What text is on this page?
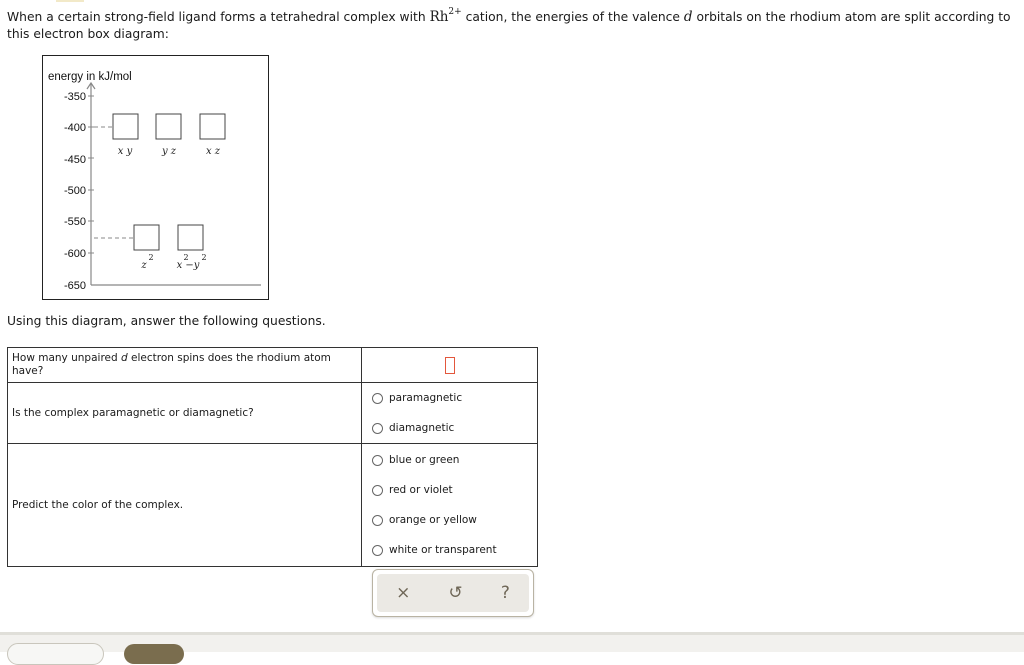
When a certain strong-field ligand forms a tetrahedral complex with $Rh^{2+}$ cation, the energies of the valence d orbitals on the rhodium atom are split according to this electron box diagram:
energy in kJ/mol
-350
-400
-450
-500
-550
-600
-650
x y	y z	x z
z
2
x −y
2 2
Using this diagram, answer the following questions.
How many unpaired d electron spins does the rhodium atom have?	

Is the complex paramagnetic or diamagnetic?	paramagnetic
diamagnetic

Predict the color of the complex.	blue or green
red or violet
orange or yellow
white or transparent
× ↺ ?
